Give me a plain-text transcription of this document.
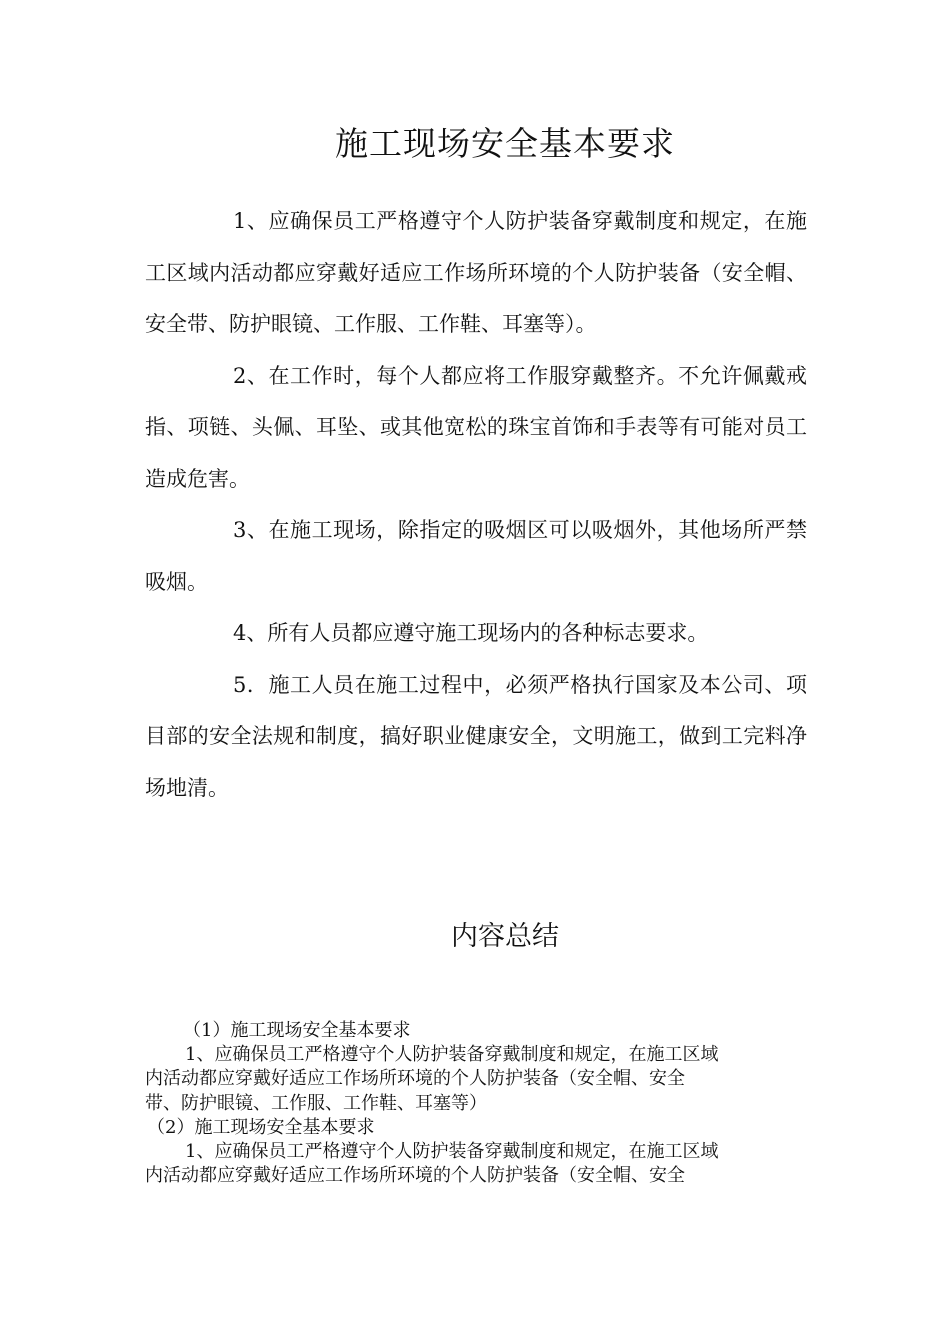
施工现场安全基本要求

1、应确保员工严格遵守个人防护装备穿戴制度和规定，在施工区域内活动都应穿戴好适应工作场所环境的个人防护装备（安全帽、安全带、防护眼镜、工作服、工作鞋、耳塞等）。

2、在工作时，每个人都应将工作服穿戴整齐。不允许佩戴戒指、项链、头佩、耳坠、或其他宽松的珠宝首饰和手表等有可能对员工造成危害。

3、在施工现场，除指定的吸烟区可以吸烟外，其他场所严禁吸烟。

4、所有人员都应遵守施工现场内的各种标志要求。

5．施工人员在施工过程中，必须严格执行国家及本公司、项目部的安全法规和制度，搞好职业健康安全，文明施工，做到工完料净场地清。

内容总结

（1）施工现场安全基本要求

1、应确保员工严格遵守个人防护装备穿戴制度和规定，在施工区域

内活动都应穿戴好适应工作场所环境的个人防护装备（安全帽、安全

带、防护眼镜、工作服、工作鞋、耳塞等）

（2）施工现场安全基本要求

1、应确保员工严格遵守个人防护装备穿戴制度和规定，在施工区域

内活动都应穿戴好适应工作场所环境的个人防护装备（安全帽、安全
